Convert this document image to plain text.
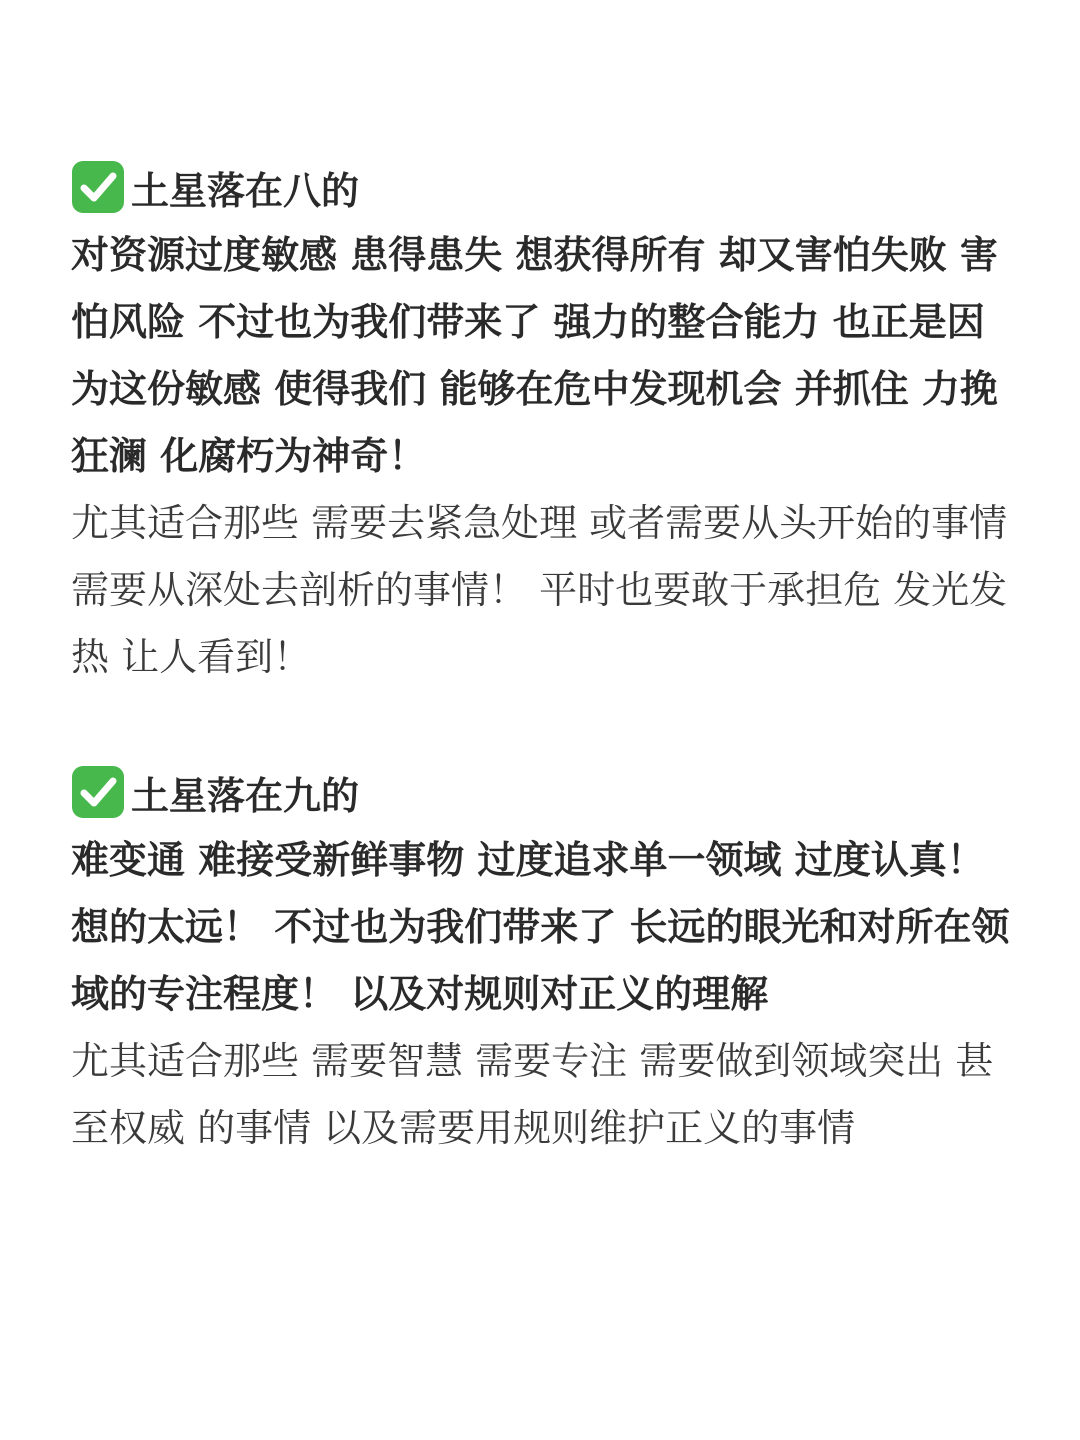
土星落在八的

对资源过度敏感 患得患失 想获得所有 却又害怕失败 害怕风险 不过也为我们带来了 强力的整合能力 也正是因为这份敏感 使得我们 能够在危中发现机会 并抓住 力挽狂澜 化腐朽为神奇！

尤其适合那些 需要去紧急处理 或者需要从头开始的事情 需要从深处去剖析的事情！ 平时也要敢于承担危 发光发热 让人看到！

土星落在九的

难变通 难接受新鲜事物 过度追求单一领域 过度认真！想的太远！ 不过也为我们带来了 长远的眼光和对所在领域的专注程度！ 以及对规则对正义的理解

尤其适合那些 需要智慧 需要专注 需要做到领域突出 甚至权威 的事情 以及需要用规则维护正义的事情
